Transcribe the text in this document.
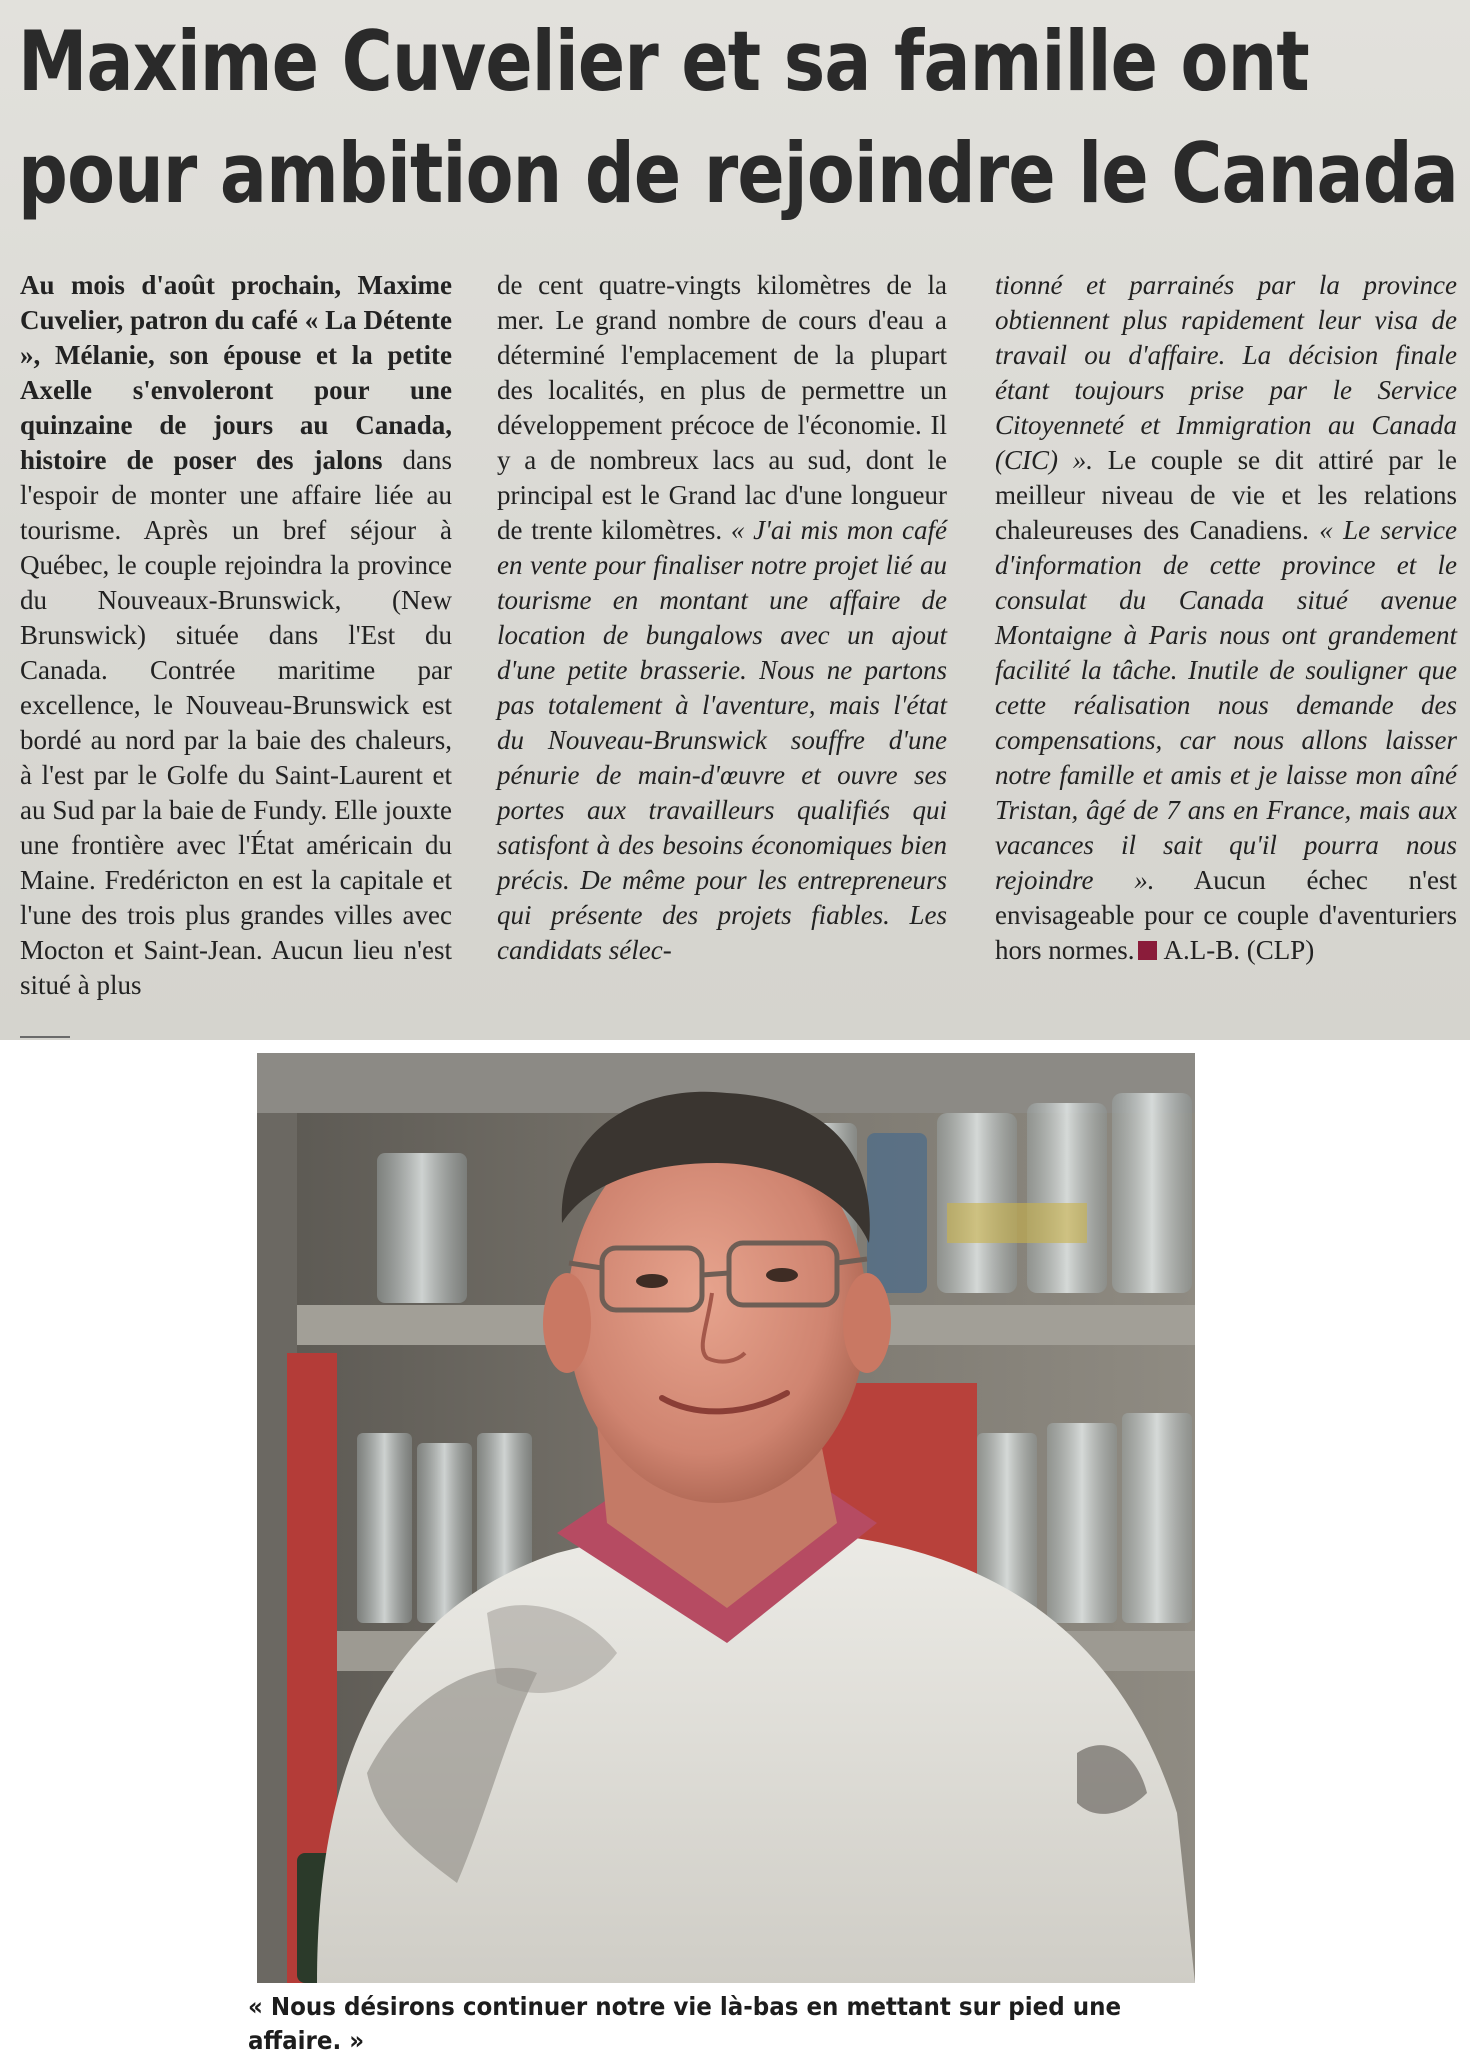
Maxime Cuvelier et sa famille ont
pour ambition de rejoindre le Canada

Au mois d'août prochain, Maxime Cuvelier, patron du café « La Détente », Mélanie, son épouse et la petite Axelle s'envoleront pour une quinzaine de jours au Canada, histoire de poser des jalons dans l'espoir de monter une affaire liée au tourisme. Après un bref séjour à Québec, le couple rejoindra la province du Nouveaux-Brunswick, (New Brunswick) située dans l'Est du Canada. Contrée maritime par excellence, le Nouveau-Brunswick est bordé au nord par la baie des chaleurs, à l'est par le Golfe du Saint-Laurent et au Sud par la baie de Fundy. Elle jouxte une frontière avec l'État américain du Maine. Fredéricton en est la capitale et l'une des trois plus grandes villes avec Mocton et Saint-Jean. Aucun lieu n'est situé à plus

de cent quatre-vingts kilomètres de la mer. Le grand nombre de cours d'eau a déterminé l'emplacement de la plupart des localités, en plus de permettre un développement précoce de l'économie. Il y a de nombreux lacs au sud, dont le principal est le Grand lac d'une longueur de trente kilomètres. « J'ai mis mon café en vente pour finaliser notre projet lié au tourisme en montant une affaire de location de bungalows avec un ajout d'une petite brasserie. Nous ne partons pas totalement à l'aventure, mais l'état du Nouveau-Brunswick souffre d'une pénurie de main-d'œuvre et ouvre ses portes aux travailleurs qualifiés qui satisfont à des besoins économiques bien précis. De même pour les entrepreneurs qui présente des projets fiables. Les candidats sélec-

tionné et parrainés par la province obtiennent plus rapidement leur visa de travail ou d'affaire. La décision finale étant toujours prise par le Service Citoyenneté et Immigration au Canada (CIC) ». Le couple se dit attiré par le meilleur niveau de vie et les relations chaleureuses des Canadiens. « Le service d'information de cette province et le consulat du Canada situé avenue Montaigne à Paris nous ont grandement facilité la tâche. Inutile de souligner que cette réalisation nous demande des compensations, car nous allons laisser notre famille et amis et je laisse mon aîné Tristan, âgé de 7 ans en France, mais aux vacances il sait qu'il pourra nous rejoindre ». Aucun échec n'est envisageable pour ce couple d'aventuriers hors normes. A.L-B. (CLP)

« Nous désirons continuer notre vie là-bas en mettant sur pied une affaire. »
